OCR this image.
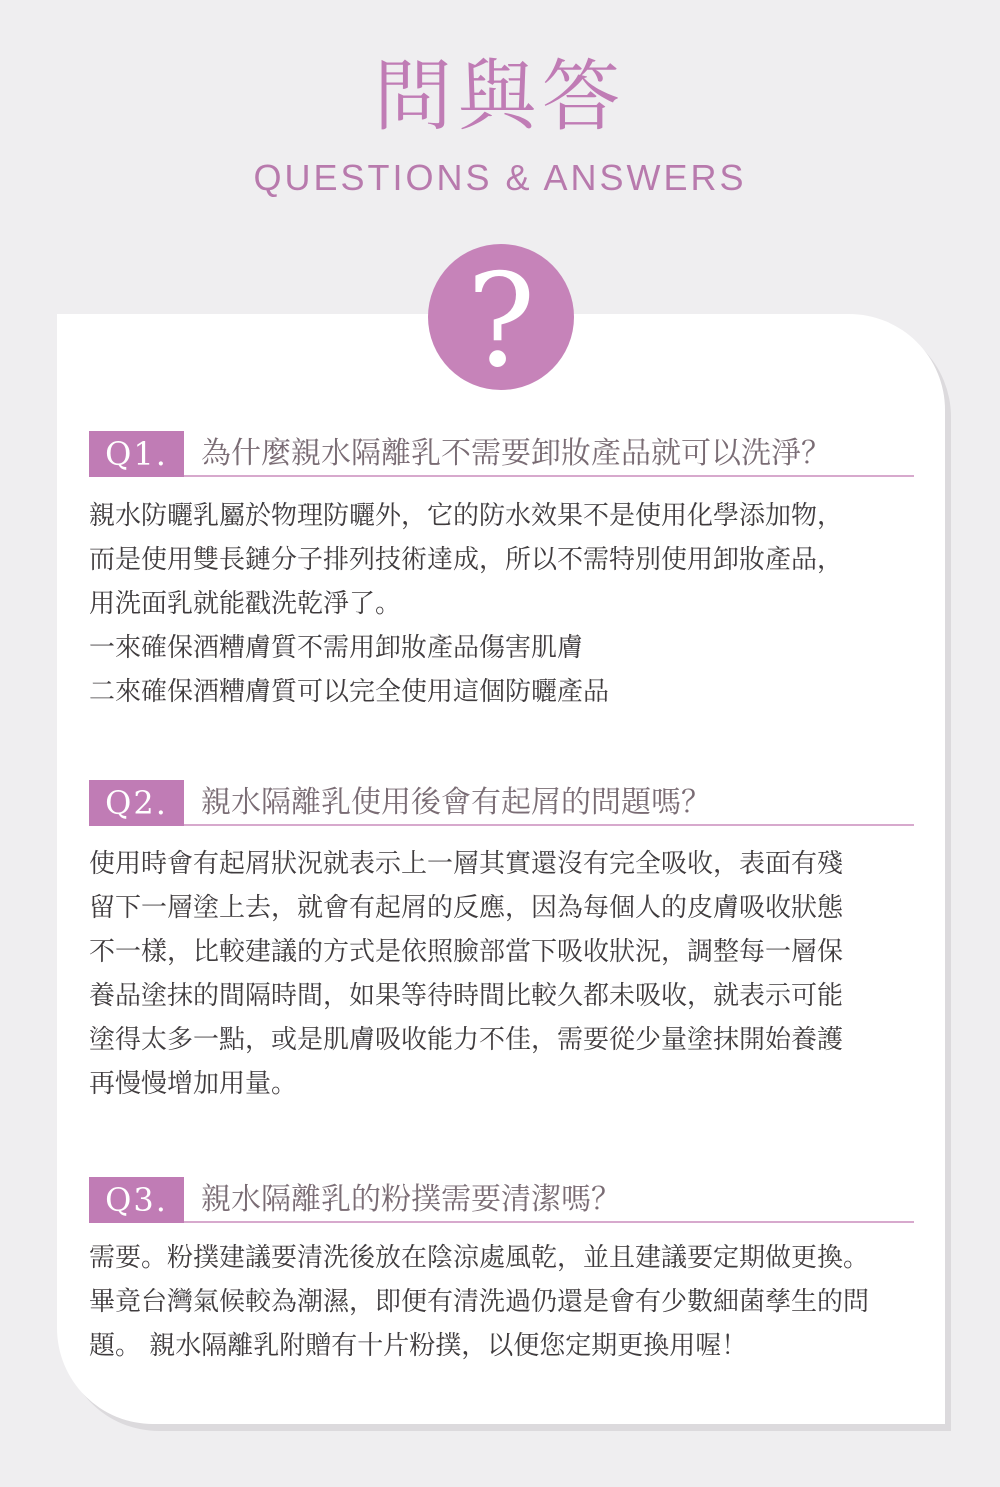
問與答
QUESTIONS & ANSWERS
?
Q1.	為什麼親水隔離乳不需要卸妝產品就可以洗淨？
親水防曬乳屬於物理防曬外，它的防水效果不是使用化學添加物，
而是使用雙長鏈分子排列技術達成，所以不需特別使用卸妝產品，
用洗面乳就能戳洗乾淨了。
一來確保酒糟膚質不需用卸妝產品傷害肌膚
二來確保酒糟膚質可以完全使用這個防曬產品
Q2.	親水隔離乳使用後會有起屑的問題嗎？
使用時會有起屑狀況就表示上一層其實還沒有完全吸收，表面有殘
留下一層塗上去，就會有起屑的反應，因為每個人的皮膚吸收狀態
不一樣，比較建議的方式是依照臉部當下吸收狀況，調整每一層保
養品塗抹的間隔時間，如果等待時間比較久都未吸收，就表示可能
塗得太多一點，或是肌膚吸收能力不佳，需要從少量塗抹開始養護
再慢慢增加用量。
Q3.	親水隔離乳的粉撲需要清潔嗎？
需要。粉撲建議要清洗後放在陰涼處風乾，並且建議要定期做更換。
畢竟台灣氣候較為潮濕，即便有清洗過仍還是會有少數細菌孳生的問
題。 親水隔離乳附贈有十片粉撲，以便您定期更換用喔！
